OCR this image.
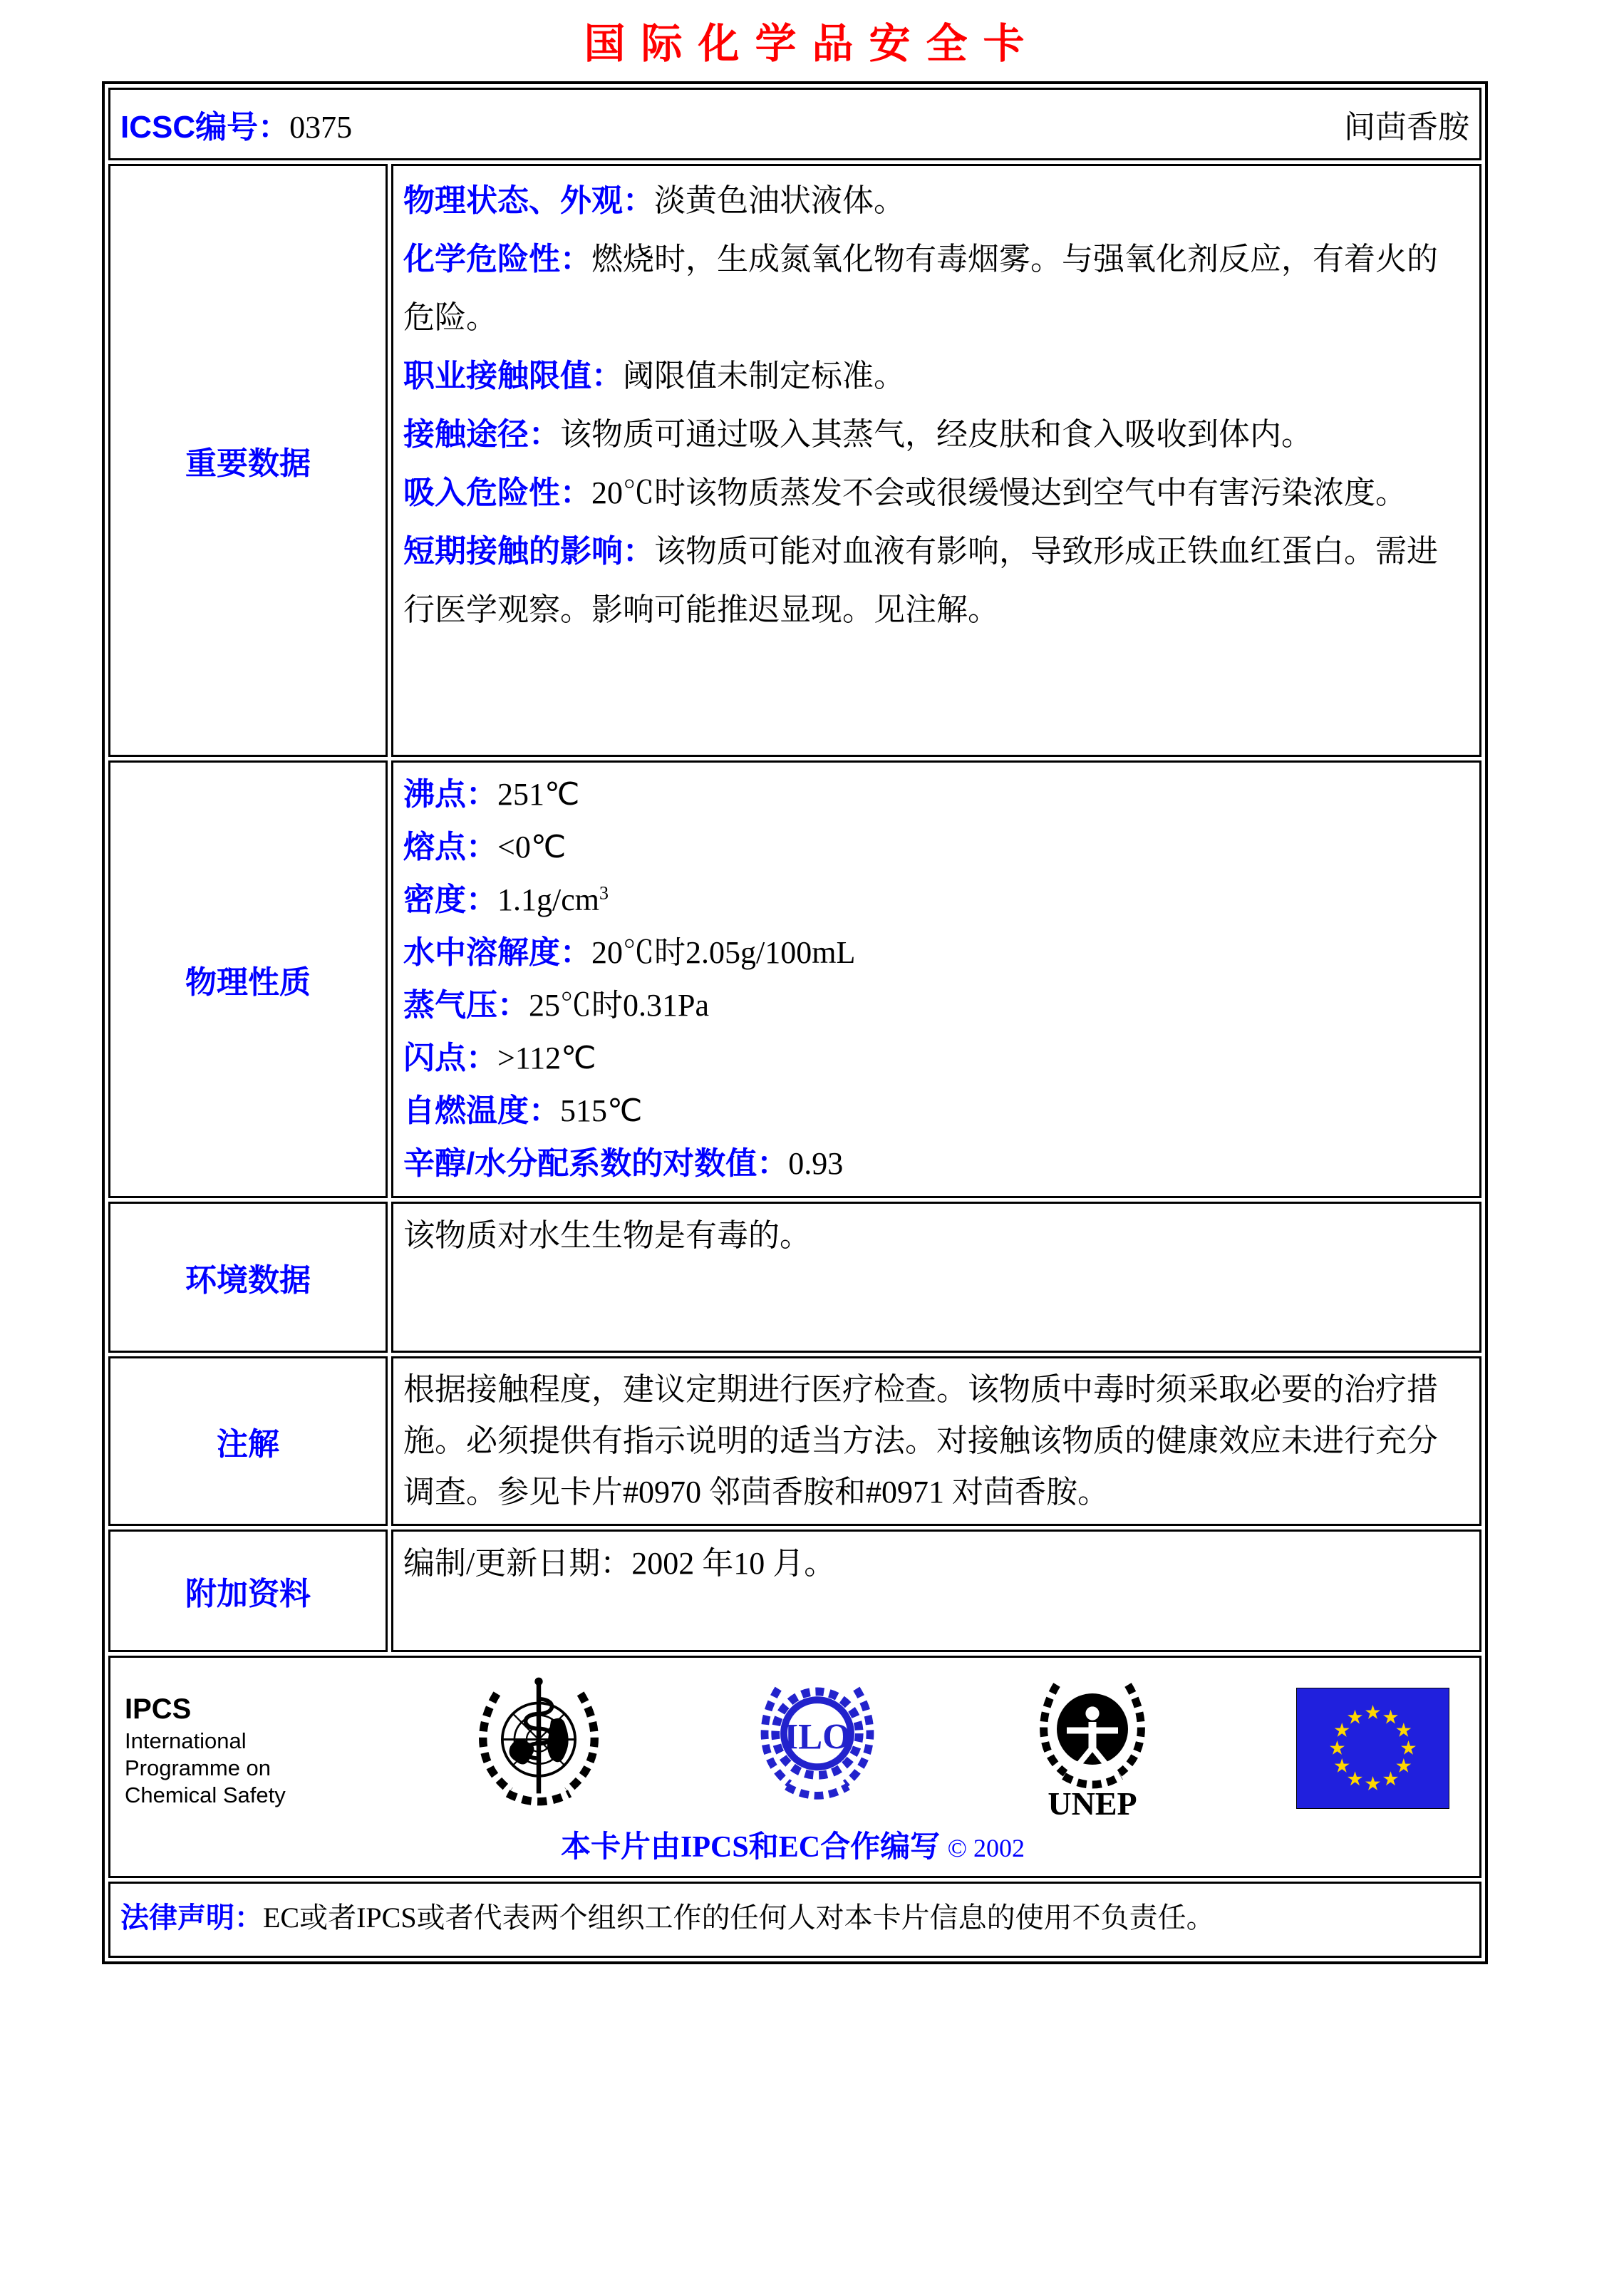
国际化学品安全卡
ICSC编号：0375 间茴香胺	

重要数据	

物理状态、外观：淡黄色油状液体。

化学危险性：燃烧时，生成氮氧化物有毒烟雾。与强氧化剂反应，有着火的危险。

职业接触限值：阈限值未制定标准。

接触途径：该物质可通过吸入其蒸气，经皮肤和食入吸收到体内。

吸入危险性：20℃时该物质蒸发不会或很缓慢达到空气中有害污染浓度。

短期接触的影响：该物质可能对血液有影响，导致形成正铁血红蛋白。需进行医学观察。影响可能推迟显现。见注解。

物理性质	

沸点：251℃

熔点：<0℃

密度：$1.1g/cm^3$

水中溶解度：20℃时2.05g/100mL

蒸气压：25℃时0.31Pa

闪点：>112℃

自燃温度：515℃

辛醇/水分配系数的对数值：0.93

环境数据	该物质对水生生物是有毒的。

注解	根据接触程度，建议定期进行医疗检查。该物质中毒时须采取必要的治疗措施。必须提供有指示说明的适当方法。对接触该物质的健康效应未进行充分调查。参见卡片#0970 邻茴香胺和#0971 对茴香胺。

附加资料	编制/更新日期：2002 年10 月。

IPCS
International
Programme on
Chemical Safety
ILO
UNEP
本卡片由IPCS和EC合作编写 © 2002

法律声明：EC或者IPCS或者代表两个组织工作的任何人对本卡片信息的使用不负责任。	
